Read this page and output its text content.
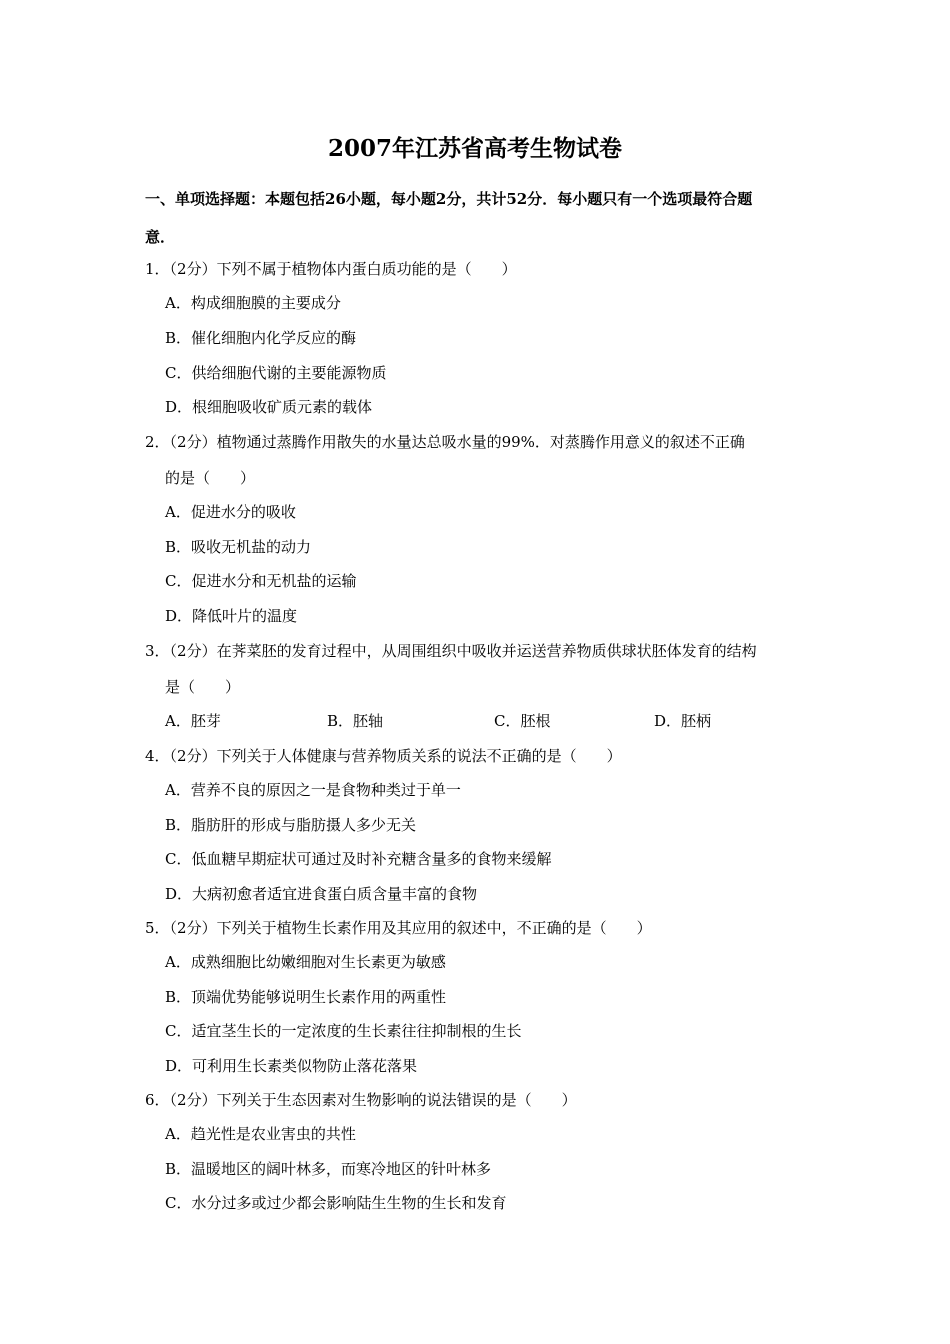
2007年江苏省高考生物试卷
一、单项选择题：本题包括26小题，每小题2分，共计52分．每小题只有一个选项最符合题
意．
1．（2分）下列不属于植物体内蛋白质功能的是（　　）
A．构成细胞膜的主要成分
B．催化细胞内化学反应的酶
C．供给细胞代谢的主要能源物质
D．根细胞吸收矿质元素的载体
2．（2分）植物通过蒸腾作用散失的水量达总吸水量的99%．对蒸腾作用意义的叙述不正确
的是（　　）
A．促进水分的吸收
B．吸收无机盐的动力
C．促进水分和无机盐的运输
D．降低叶片的温度
3．（2分）在荠菜胚的发育过程中，从周围组织中吸收并运送营养物质供球状胚体发育的结构
是（　　）
A．胚芽	B．胚轴	C．胚根	D．胚柄
4．（2分）下列关于人体健康与营养物质关系的说法不正确的是（　　）
A．营养不良的原因之一是食物种类过于单一
B．脂肪肝的形成与脂肪摄人多少无关
C．低血糖早期症状可通过及时补充糖含量多的食物来缓解
D．大病初愈者适宜进食蛋白质含量丰富的食物
5．（2分）下列关于植物生长素作用及其应用的叙述中，不正确的是（　　）
A．成熟细胞比幼嫩细胞对生长素更为敏感
B．顶端优势能够说明生长素作用的两重性
C．适宜茎生长的一定浓度的生长素往往抑制根的生长
D．可利用生长素类似物防止落花落果
6．（2分）下列关于生态因素对生物影响的说法错误的是（　　）
A．趋光性是农业害虫的共性
B．温暖地区的阔叶林多，而寒冷地区的针叶林多
C．水分过多或过少都会影响陆生生物的生长和发育
